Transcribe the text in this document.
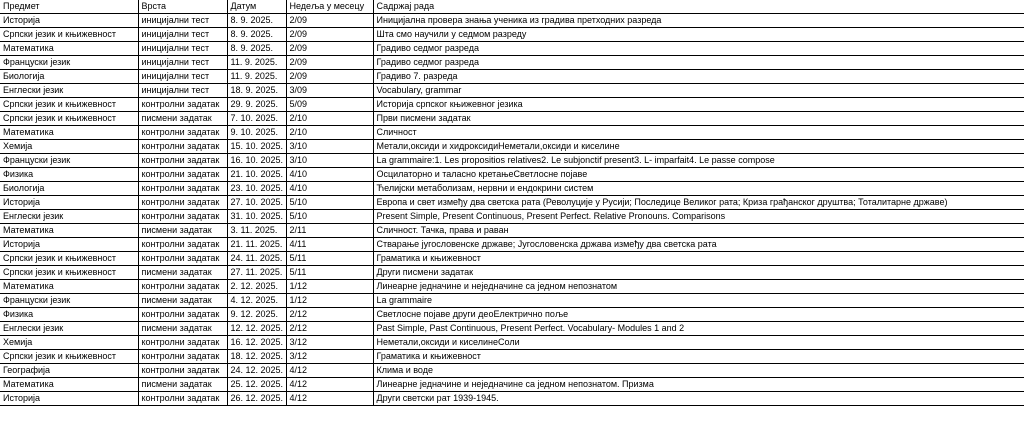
Предмет	Врста	Датум	Недеља у месецу	Садржај рада
Историја	иницијални тест	8. 9. 2025.	2/09	Иницијална провера знања ученика из градива претходних разреда
Српски језик и књижевност	иницијални тест	8. 9. 2025.	2/09	Шта смо научили у седмом разреду
Математика	иницијални тест	8. 9. 2025.	2/09	Градиво седмог разреда
Француски језик	иницијални тест	11. 9. 2025.	2/09	Градиво седмог разреда
Биологија	иницијални тест	11. 9. 2025.	2/09	Градиво 7. разреда
Енглески језик	иницијални тест	18. 9. 2025.	3/09	Vocabulary, grammar
Српски језик и књижевност	контролни задатак	29. 9. 2025.	5/09	Историја српског књижевног језика
Српски језик и књижевност	писмени задатак	7. 10. 2025.	2/10	Први писмени задатак
Математика	контролни задатак	9. 10. 2025.	2/10	Сличност
Хемија	контролни задатак	15. 10. 2025.	3/10	Метали,оксиди и хидроксидиНеметали,оксиди и киселине
Француски језик	контролни задатак	16. 10. 2025.	3/10	La grammaire:1. Les propositios relatives2. Le subjonctif present3. L- imparfait4. Le passe compose
Физика	контролни задатак	21. 10. 2025.	4/10	Осцилаторно и таласно кретањеСветлосне појаве
Биологија	контролни задатак	23. 10. 2025.	4/10	Ћелијски метаболизам, нервни и ендокрини систем
Историја	контролни задатак	27. 10. 2025.	5/10	Европа и свет између два светска рата (Револуције у Русији; Последице Великог рата; Криза грађанског друштва; Тоталитарне државе)
Енглески језик	контролни задатак	31. 10. 2025.	5/10	Present Simple, Present Continuous, Present Perfect. Relative Pronouns. Comparisons
Математика	писмени задатак	3. 11. 2025.	2/11	Сличност. Тачка, права и раван
Историја	контролни задатак	21. 11. 2025.	4/11	Стварање југословенске државе; Југословенска држава између два светска рата
Српски језик и књижевност	контролни задатак	24. 11. 2025.	5/11	Граматика и књижевност
Српски језик и књижевност	писмени задатак	27. 11. 2025.	5/11	Други писмени задатак
Математика	контролни задатак	2. 12. 2025.	1/12	Линеарне једначине и неједначине са једном непознатом
Француски језик	писмени задатак	4. 12. 2025.	1/12	La grammaire
Физика	контролни задатак	9. 12. 2025.	2/12	Светлосне појаве други деоЕлектрично поље
Енглески језик	писмени задатак	12. 12. 2025.	2/12	Past Simple, Past Continuous, Present Perfect. Vocabulary- Modules 1 and 2
Хемија	контролни задатак	16. 12. 2025.	3/12	Неметали,оксиди и киселинеСоли
Српски језик и књижевност	контролни задатак	18. 12. 2025.	3/12	Граматика и књижевност
Географија	контролни задатак	24. 12. 2025.	4/12	Клима и воде
Математика	писмени задатак	25. 12. 2025.	4/12	Линеарне једначине и неједначине са једном непознатом. Призма
Историја	контролни задатак	26. 12. 2025.	4/12	Други светски рат 1939-1945.
